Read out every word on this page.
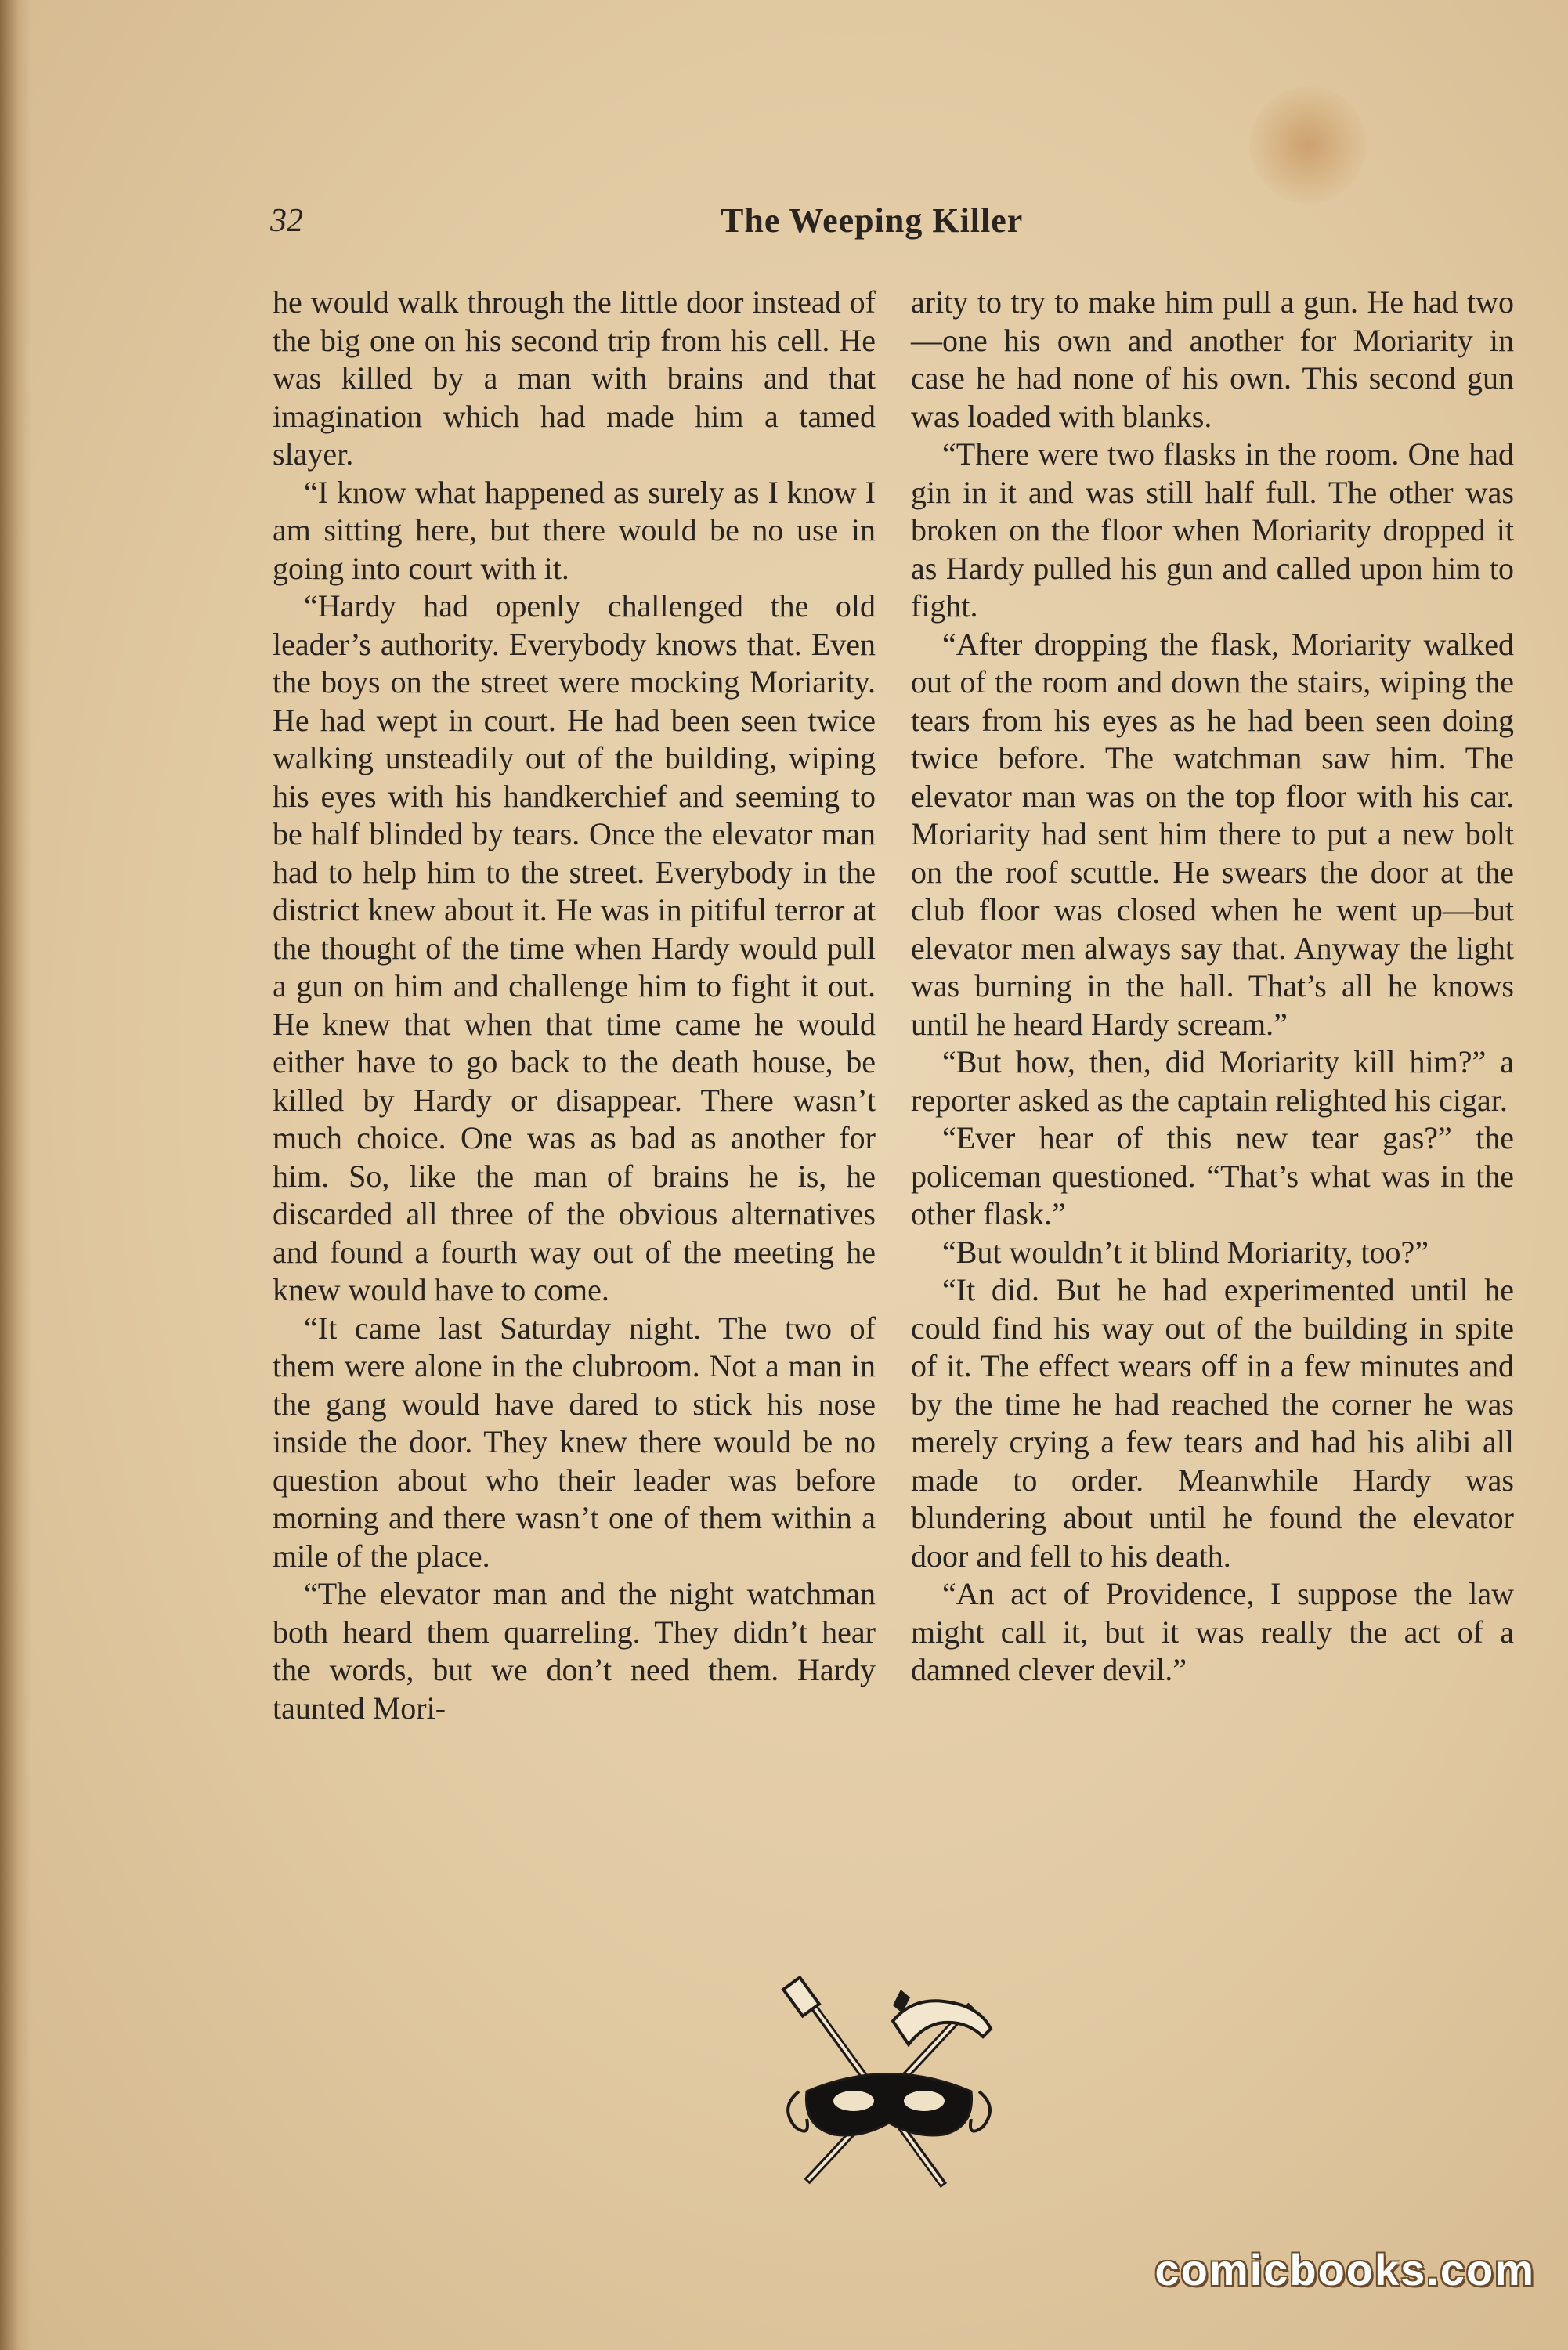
32	The Weeping Killer

he would walk through the little door instead of the big one on his second trip from his cell. He was killed by a man with brains and that imagination which had made him a tamed slayer.

“I know what happened as surely as I know I am sitting here, but there would be no use in going into court with it.

“Hardy had openly challenged the old leader’s authority. Everybody knows that. Even the boys on the street were mocking Moriarity. He had wept in court. He had been seen twice walking unsteadily out of the building, wiping his eyes with his handkerchief and seeming to be half blinded by tears. Once the elevator man had to help him to the street. Everybody in the district knew about it. He was in pitiful terror at the thought of the time when Hardy would pull a gun on him and challenge him to fight it out. He knew that when that time came he would either have to go back to the death house, be killed by Hardy or disappear. There wasn’t much choice. One was as bad as another for him. So, like the man of brains he is, he discarded all three of the obvious alternatives and found a fourth way out of the meeting he knew would have to come.

“It came last Saturday night. The two of them were alone in the clubroom. Not a man in the gang would have dared to stick his nose inside the door. They knew there would be no question about who their leader was before morning and there wasn’t one of them within a mile of the place.

“The elevator man and the night watchman both heard them quarreling. They didn’t hear the words, but we don’t need them. Hardy taunted Mori-

arity to try to make him pull a gun. He had two—one his own and another for Moriarity in case he had none of his own. This second gun was loaded with blanks.

“There were two flasks in the room. One had gin in it and was still half full. The other was broken on the floor when Moriarity dropped it as Hardy pulled his gun and called upon him to fight.

“After dropping the flask, Moriarity walked out of the room and down the stairs, wiping the tears from his eyes as he had been seen doing twice before. The watchman saw him. The elevator man was on the top floor with his car. Moriarity had sent him there to put a new bolt on the roof scuttle. He swears the door at the club floor was closed when he went up—but elevator men always say that. Anyway the light was burning in the hall. That’s all he knows until he heard Hardy scream.”

“But how, then, did Moriarity kill him?” a reporter asked as the captain relighted his cigar.

“Ever hear of this new tear gas?” the policeman questioned. “That’s what was in the other flask.”

“But wouldn’t it blind Moriarity, too?”

“It did. But he had experimented until he could find his way out of the building in spite of it. The effect wears off in a few minutes and by the time he had reached the corner he was merely crying a few tears and had his alibi all made to order. Meanwhile Hardy was blundering about until he found the elevator door and fell to his death.

“An act of Providence, I suppose the law might call it, but it was really the act of a damned clever devil.”

comicbooks.com
